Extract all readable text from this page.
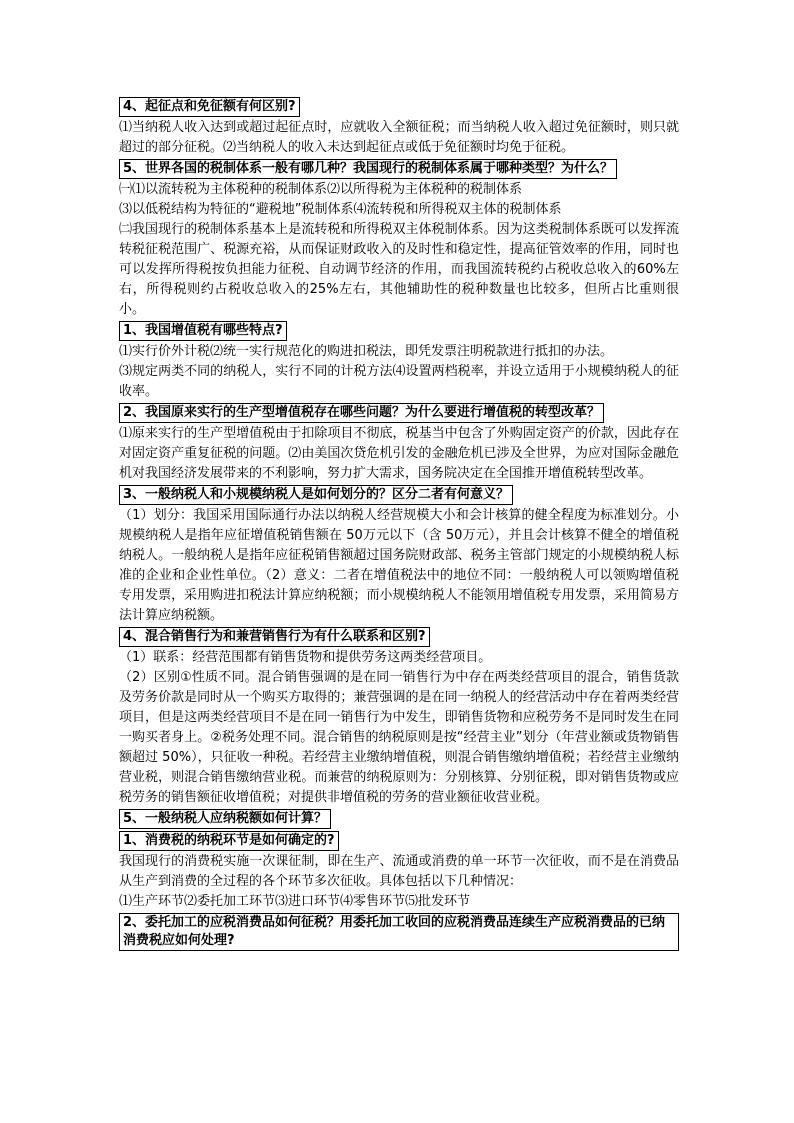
4、起征点和免征额有何区别?

⑴当纳税人收入达到或超过起征点时，应就收入全额征税；而当纳税人收入超过免征额时，则只就超过的部分征税。⑵当纳税人的收入未达到起征点或低于免征额时均免于征税。

5、世界各国的税制体系一般有哪几种？我国现行的税制体系属于哪种类型？为什么？

㈠⑴以流转税为主体税种的税制体系⑵以所得税为主体税种的税制体系

⑶以低税结构为特征的“避税地”税制体系⑷流转税和所得税双主体的税制体系

㈡我国现行的税制体系基本上是流转税和所得税双主体税制体系。因为这类税制体系既可以发挥流转税征税范围广、税源充裕，从而保证财政收入的及时性和稳定性，提高征管效率的作用，同时也可以发挥所得税按负担能力征税、自动调节经济的作用，而我国流转税约占税收总收入的60%左右，所得税则约占税收总收入的25%左右，其他辅助性的税种数量也比较多，但所占比重则很小。

1、我国增值税有哪些特点?

⑴实行价外计税⑵统一实行规范化的购进扣税法，即凭发票注明税款进行抵扣的办法。

⑶规定两类不同的纳税人，实行不同的计税方法⑷设置两档税率，并设立适用于小规模纳税人的征收率。

2、我国原来实行的生产型增值税存在哪些问题？为什么要进行增值税的转型改革？

⑴原来实行的生产型增值税由于扣除项目不彻底，税基当中包含了外购固定资产的价款，因此存在对固定资产重复征税的问题。⑵由美国次贷危机引发的金融危机已涉及全世界，为应对国际金融危机对我国经济发展带来的不利影响，努力扩大需求，国务院决定在全国推开增值税转型改革。

3、一般纳税人和小规模纳税人是如何划分的？区分二者有何意义？

（1）划分：我国采用国际通行办法以纳税人经营规模大小和会计核算的健全程度为标准划分。小规模纳税人是指年应征增值税销售额在 50万元以下（含 50万元），并且会计核算不健全的增值税纳税人。一般纳税人是指年应征税销售额超过国务院财政部、税务主管部门规定的小规模纳税人标准的企业和企业性单位。（2）意义：二者在增值税法中的地位不同：一般纳税人可以领购增值税专用发票，采用购进扣税法计算应纳税额；而小规模纳税人不能领用增值税专用发票，采用简易方法计算应纳税额。

4、混合销售行为和兼营销售行为有什么联系和区别?

（1）联系：经营范围都有销售货物和提供劳务这两类经营项目。

（2）区别①性质不同。混合销售强调的是在同一销售行为中存在两类经营项目的混合，销售货款及劳务价款是同时从一个购买方取得的；兼营强调的是在同一纳税人的经营活动中存在着两类经营项目，但是这两类经营项目不是在同一销售行为中发生，即销售货物和应税劳务不是同时发生在同一购买者身上。②税务处理不同。混合销售的纳税原则是按“经营主业”划分（年营业额或货物销售额超过 50%），只征收一种税。若经营主业缴纳增值税，则混合销售缴纳增值税；若经营主业缴纳营业税，则混合销售缴纳营业税。而兼营的纳税原则为：分别核算、分别征税，即对销售货物或应税劳务的销售额征收增值税；对提供非增值税的劳务的营业额征收营业税。

5、一般纳税人应纳税额如何计算？
1、消费税的纳税环节是如何确定的?

我国现行的消费税实施一次课征制，即在生产、流通或消费的单一环节一次征收，而不是在消费品从生产到消费的全过程的各个环节多次征收。具体包括以下几种情况：

⑴生产环节⑵委托加工环节⑶进口环节⑷零售环节⑸批发环节

2、委托加工的应税消费品如何征税？用委托加工收回的应税消费品连续生产应税消费品的已纳消费税应如何处理?
